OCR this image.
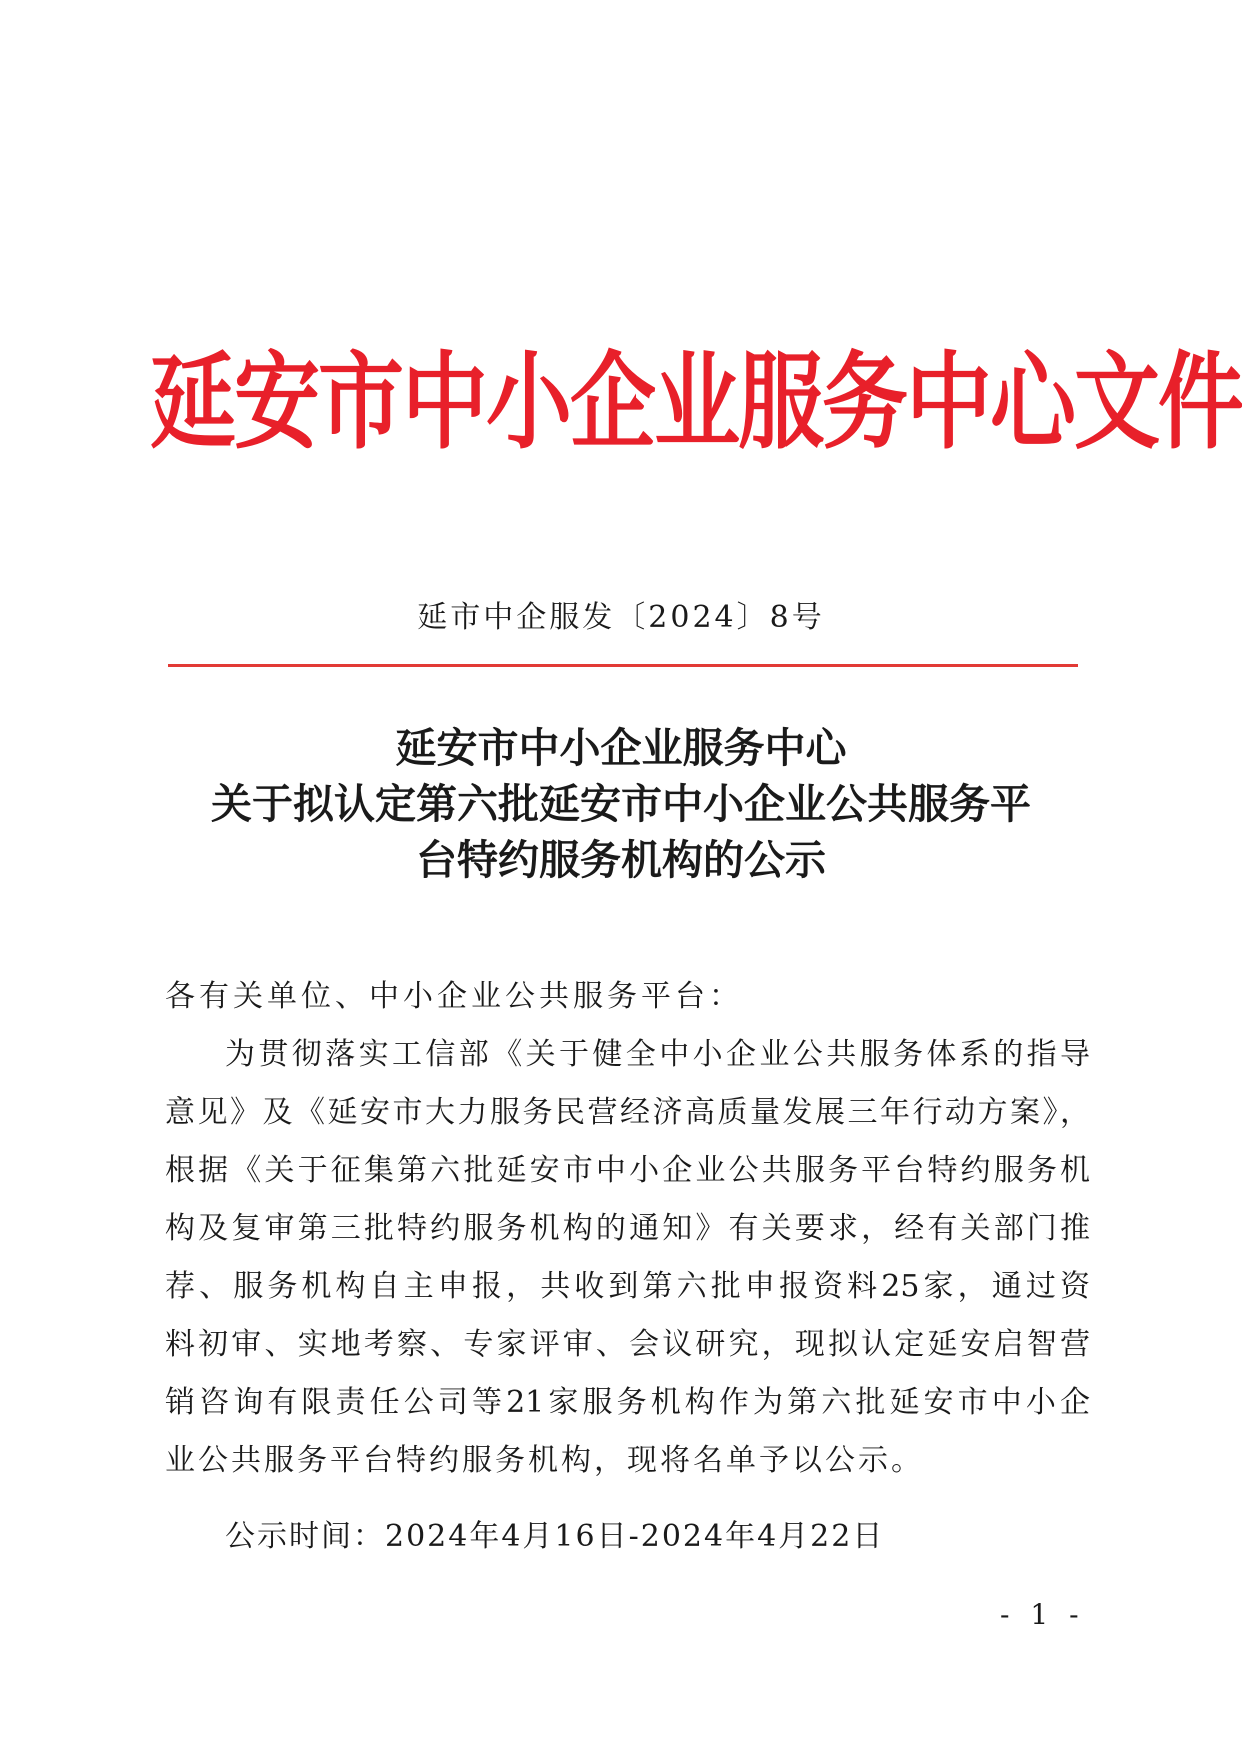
延安市中小企业服务中心文件
延市中企服发〔2024〕8号
延安市中小企业服务中心
关于拟认定第六批延安市中小企业公共服务平
台特约服务机构的公示
各有关单位、中小企业公共服务平台：
为贯彻落实工信部《关于健全中小企业公共服务体系的指导
意见》及《延安市大力服务民营经济高质量发展三年行动方案》，
根据《关于征集第六批延安市中小企业公共服务平台特约服务机
构及复审第三批特约服务机构的通知》有关要求，经有关部门推
荐、服务机构自主申报，共收到第六批申报资料25家，通过资
料初审、实地考察、专家评审、会议研究，现拟认定延安启智营
销咨询有限责任公司等21家服务机构作为第六批延安市中小企
业公共服务平台特约服务机构，现将名单予以公示。
公示时间：2024年4月16日-2024年4月22日
- 1 -
